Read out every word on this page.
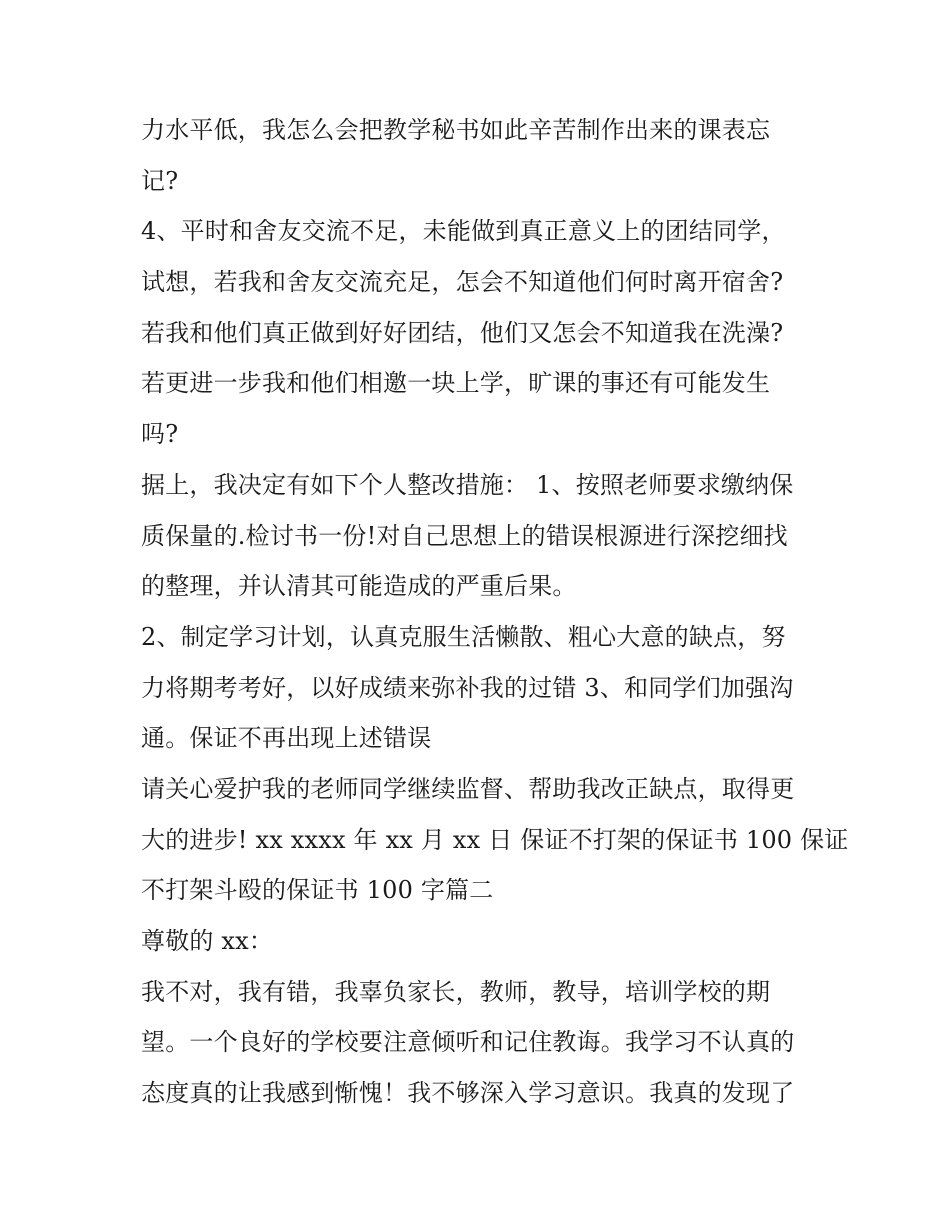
力水平低，我怎么会把教学秘书如此辛苦制作出来的课表忘
记?
4、平时和舍友交流不足，未能做到真正意义上的团结同学，
试想，若我和舍友交流充足，怎会不知道他们何时离开宿舍?
若我和他们真正做到好好团结，他们又怎会不知道我在洗澡?
若更进一步我和他们相邀一块上学，旷课的事还有可能发生
吗?
据上，我决定有如下个人整改措施： 1、按照老师要求缴纳保
质保量的.检讨书一份!对自己思想上的错误根源进行深挖细找
的整理，并认清其可能造成的严重后果。
2、制定学习计划，认真克服生活懒散、粗心大意的缺点，努
力将期考考好，以好成绩来弥补我的过错 3、和同学们加强沟
通。保证不再出现上述错误
请关心爱护我的老师同学继续监督、帮助我改正缺点，取得更
大的进步! xx xxxx 年 xx 月 xx 日 保证不打架的保证书 100 保证
不打架斗殴的保证书 100 字篇二
尊敬的 xx：
我不对，我有错，我辜负家长，教师，教导，培训学校的期
望。一个良好的学校要注意倾听和记住教诲。我学习不认真的
态度真的让我感到惭愧！我不够深入学习意识。我真的发现了
